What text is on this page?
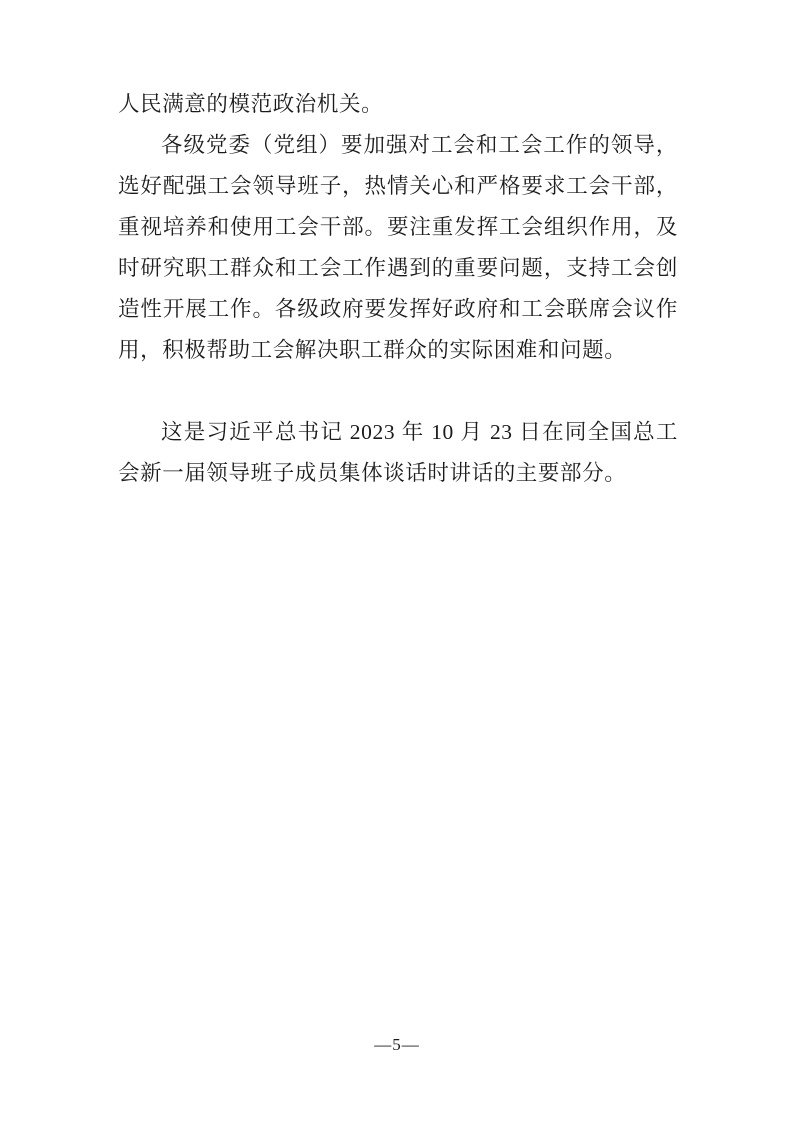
人民满意的模范政治机关。

各级党委（党组）要加强对工会和工会工作的领导，选好配强工会领导班子，热情关心和严格要求工会干部，重视培养和使用工会干部。要注重发挥工会组织作用，及时研究职工群众和工会工作遇到的重要问题，支持工会创造性开展工作。各级政府要发挥好政府和工会联席会议作用，积极帮助工会解决职工群众的实际困难和问题。

这是习近平总书记 2023 年 10 月 23 日在同全国总工会新一届领导班子成员集体谈话时讲话的主要部分。

—5—
